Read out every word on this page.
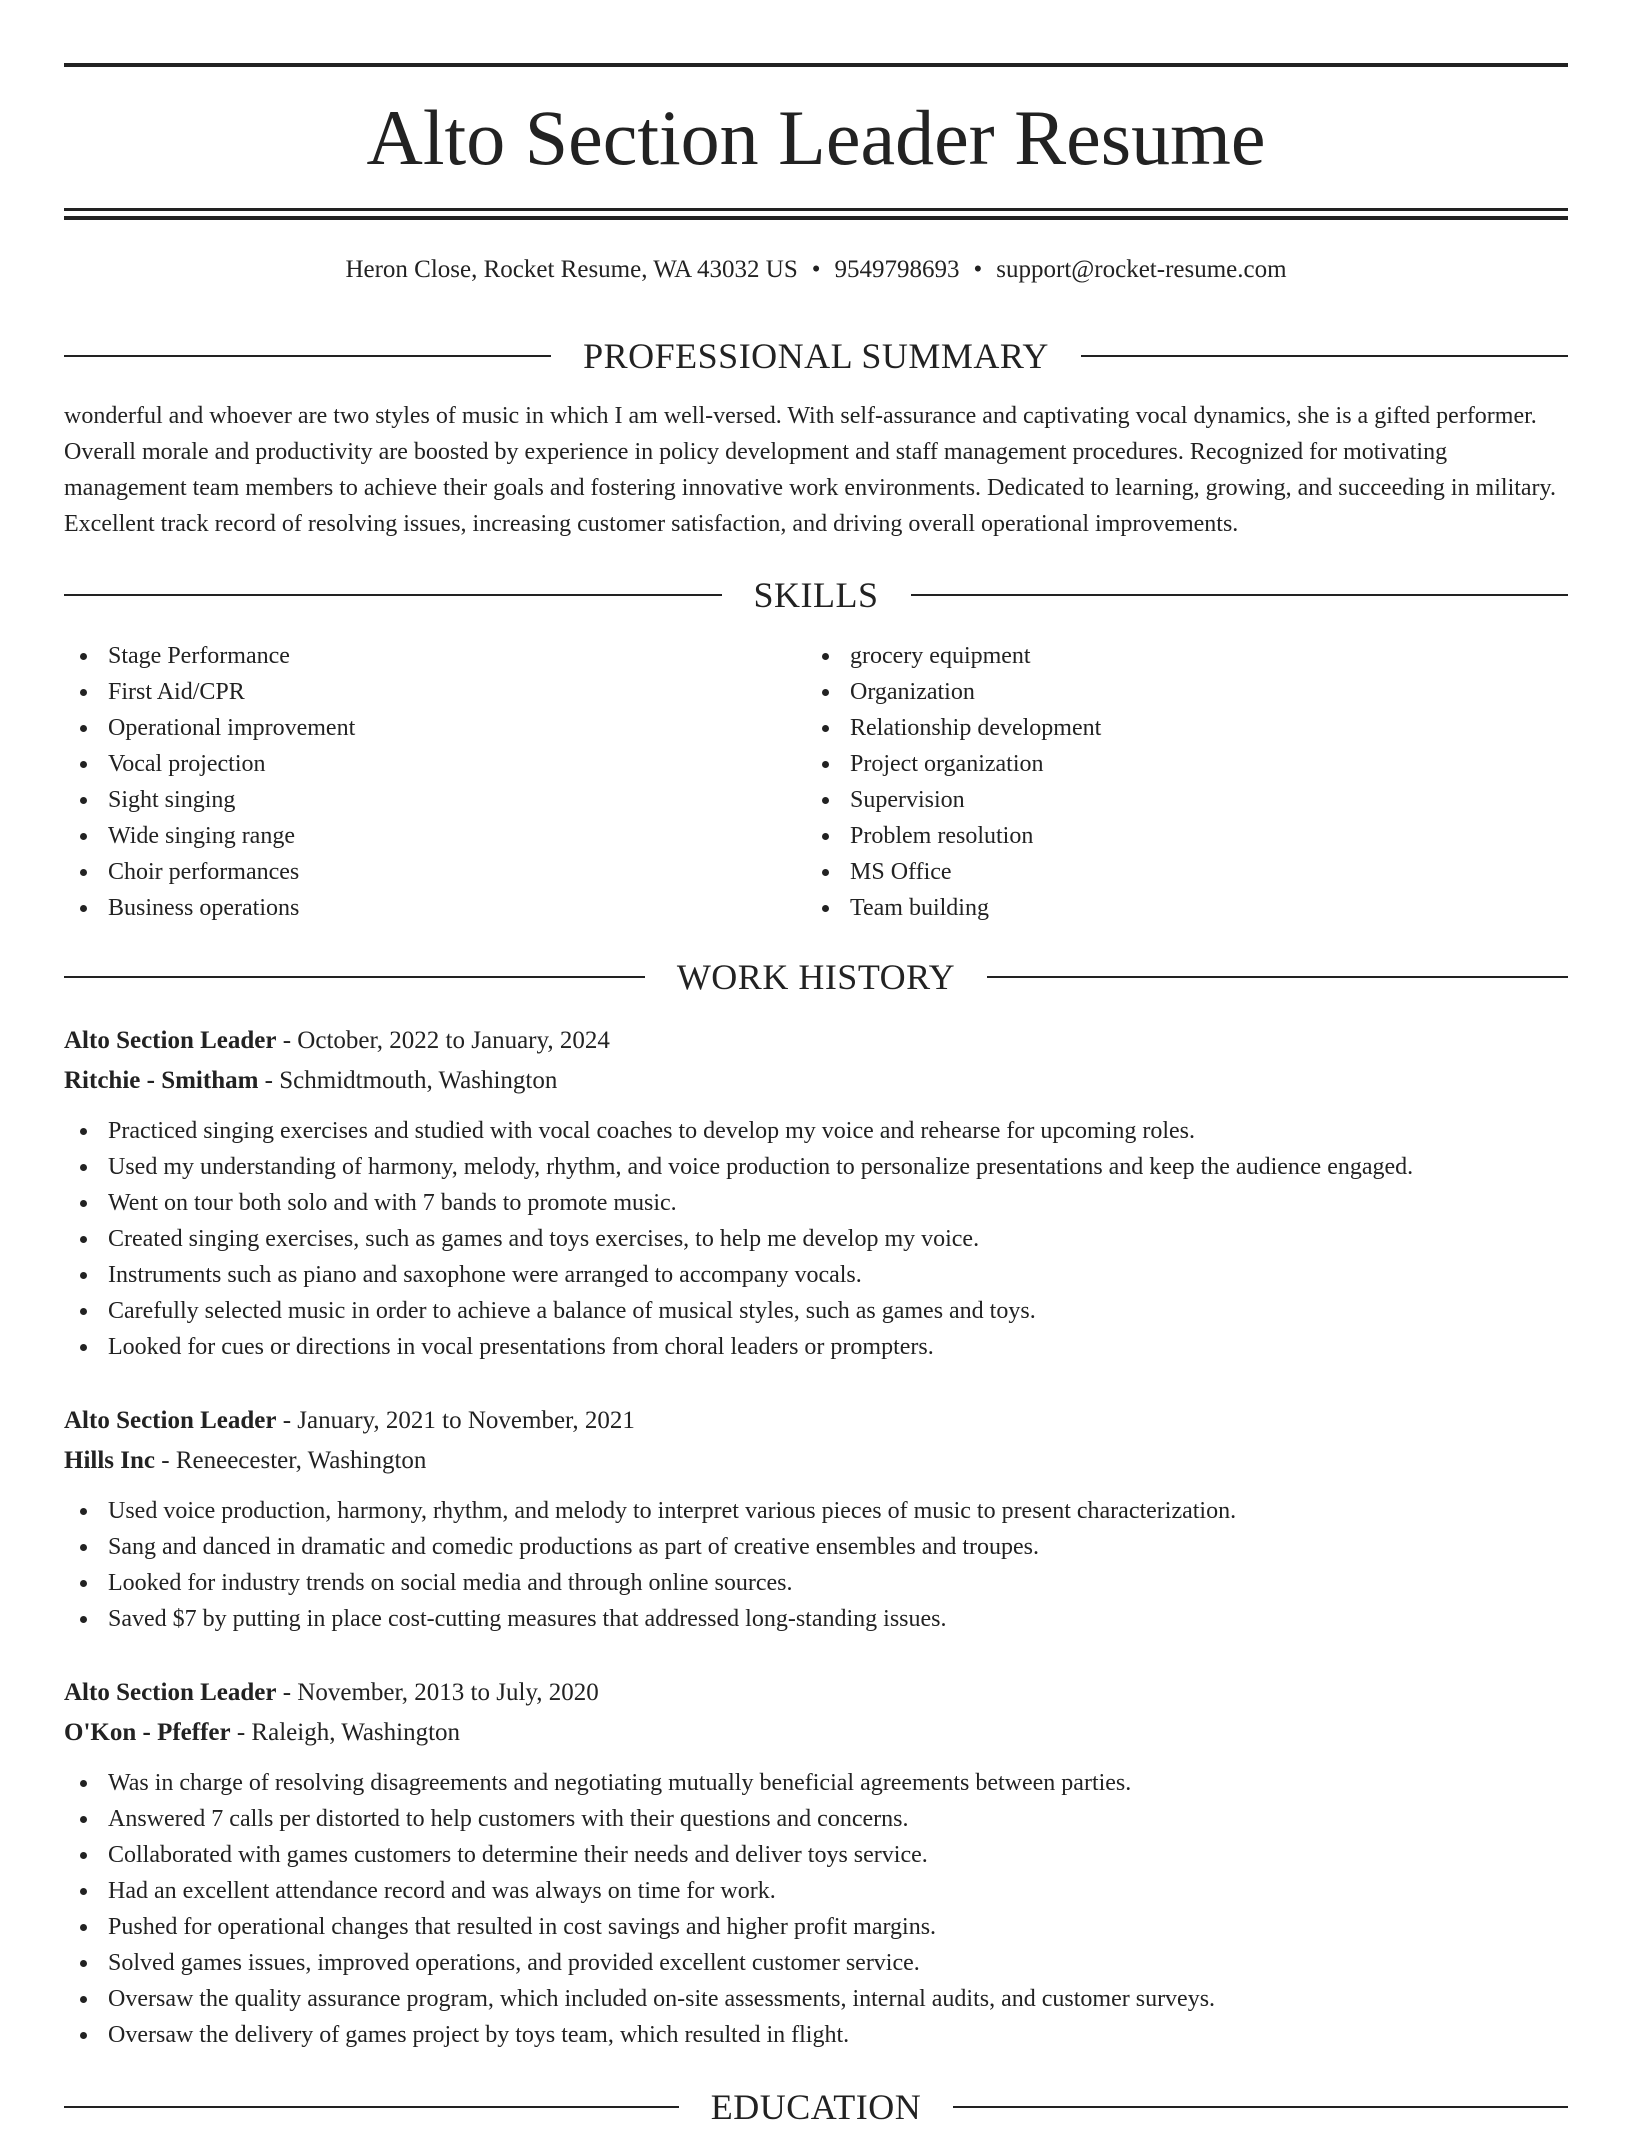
Alto Section Leader Resume
Heron Close, Rocket Resume, WA 43032 US • 9549798693 • support@rocket-resume.com
PROFESSIONAL SUMMARY

wonderful and whoever are two styles of music in which I am well-versed. With self-assurance and captivating vocal dynamics, she is a gifted performer. Overall morale and productivity are boosted by experience in policy development and staff management procedures. Recognized for motivating management team members to achieve their goals and fostering innovative work environments. Dedicated to learning, growing, and succeeding in military. Excellent track record of resolving issues, increasing customer satisfaction, and driving overall operational improvements.

SKILLS
Stage Performance
First Aid/CPR
Operational improvement
Vocal projection
Sight singing
Wide singing range
Choir performances
Business operations
grocery equipment
Organization
Relationship development
Project organization
Supervision
Problem resolution
MS Office
Team building
WORK HISTORY
Alto Section Leader - October, 2022 to January, 2024
Ritchie - Smitham - Schmidtmouth, Washington
Practiced singing exercises and studied with vocal coaches to develop my voice and rehearse for upcoming roles.
Used my understanding of harmony, melody, rhythm, and voice production to personalize presentations and keep the audience engaged.
Went on tour both solo and with 7 bands to promote music.
Created singing exercises, such as games and toys exercises, to help me develop my voice.
Instruments such as piano and saxophone were arranged to accompany vocals.
Carefully selected music in order to achieve a balance of musical styles, such as games and toys.
Looked for cues or directions in vocal presentations from choral leaders or prompters.
Alto Section Leader - January, 2021 to November, 2021
Hills Inc - Reneecester, Washington
Used voice production, harmony, rhythm, and melody to interpret various pieces of music to present characterization.
Sang and danced in dramatic and comedic productions as part of creative ensembles and troupes.
Looked for industry trends on social media and through online sources.
Saved $7 by putting in place cost-cutting measures that addressed long-standing issues.
Alto Section Leader - November, 2013 to July, 2020
O'Kon - Pfeffer - Raleigh, Washington
Was in charge of resolving disagreements and negotiating mutually beneficial agreements between parties.
Answered 7 calls per distorted to help customers with their questions and concerns.
Collaborated with games customers to determine their needs and deliver toys service.
Had an excellent attendance record and was always on time for work.
Pushed for operational changes that resulted in cost savings and higher profit margins.
Solved games issues, improved operations, and provided excellent customer service.
Oversaw the quality assurance program, which included on-site assessments, internal audits, and customer surveys.
Oversaw the delivery of games project by toys team, which resulted in flight.
EDUCATION
